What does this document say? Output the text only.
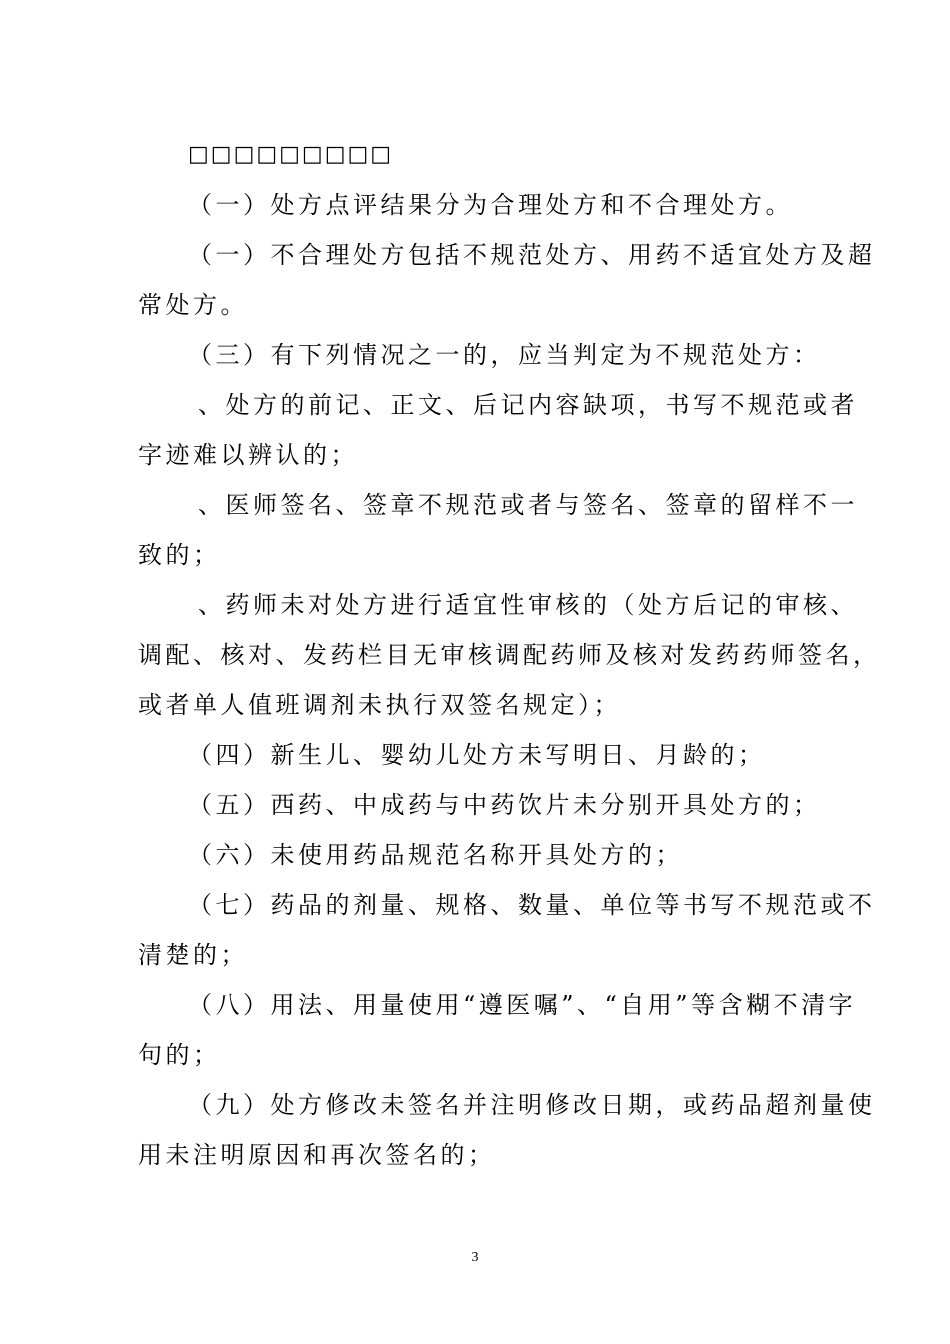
□□□□□□□□□
（一）处方点评结果分为合理处方和不合理处方。
（一）不合理处方包括不规范处方、用药不适宜处方及超
常处方。
（三）有下列情况之一的，应当判定为不规范处方：
、处方的前记、正文、后记内容缺项，书写不规范或者
字迹难以辨认的；
、医师签名、签章不规范或者与签名、签章的留样不一
致的；
、药师未对处方进行适宜性审核的（处方后记的审核、
调配、核对、发药栏目无审核调配药师及核对发药药师签名，
或者单人值班调剂未执行双签名规定）；
（四）新生儿、婴幼儿处方未写明日、月龄的；
（五）西药、中成药与中药饮片未分别开具处方的；
（六）未使用药品规范名称开具处方的；
（七）药品的剂量、规格、数量、单位等书写不规范或不
清楚的；
（八）用法、用量使用“遵医嘱”、“自用”等含糊不清字
句的；
（九）处方修改未签名并注明修改日期，或药品超剂量使
用未注明原因和再次签名的；
3
